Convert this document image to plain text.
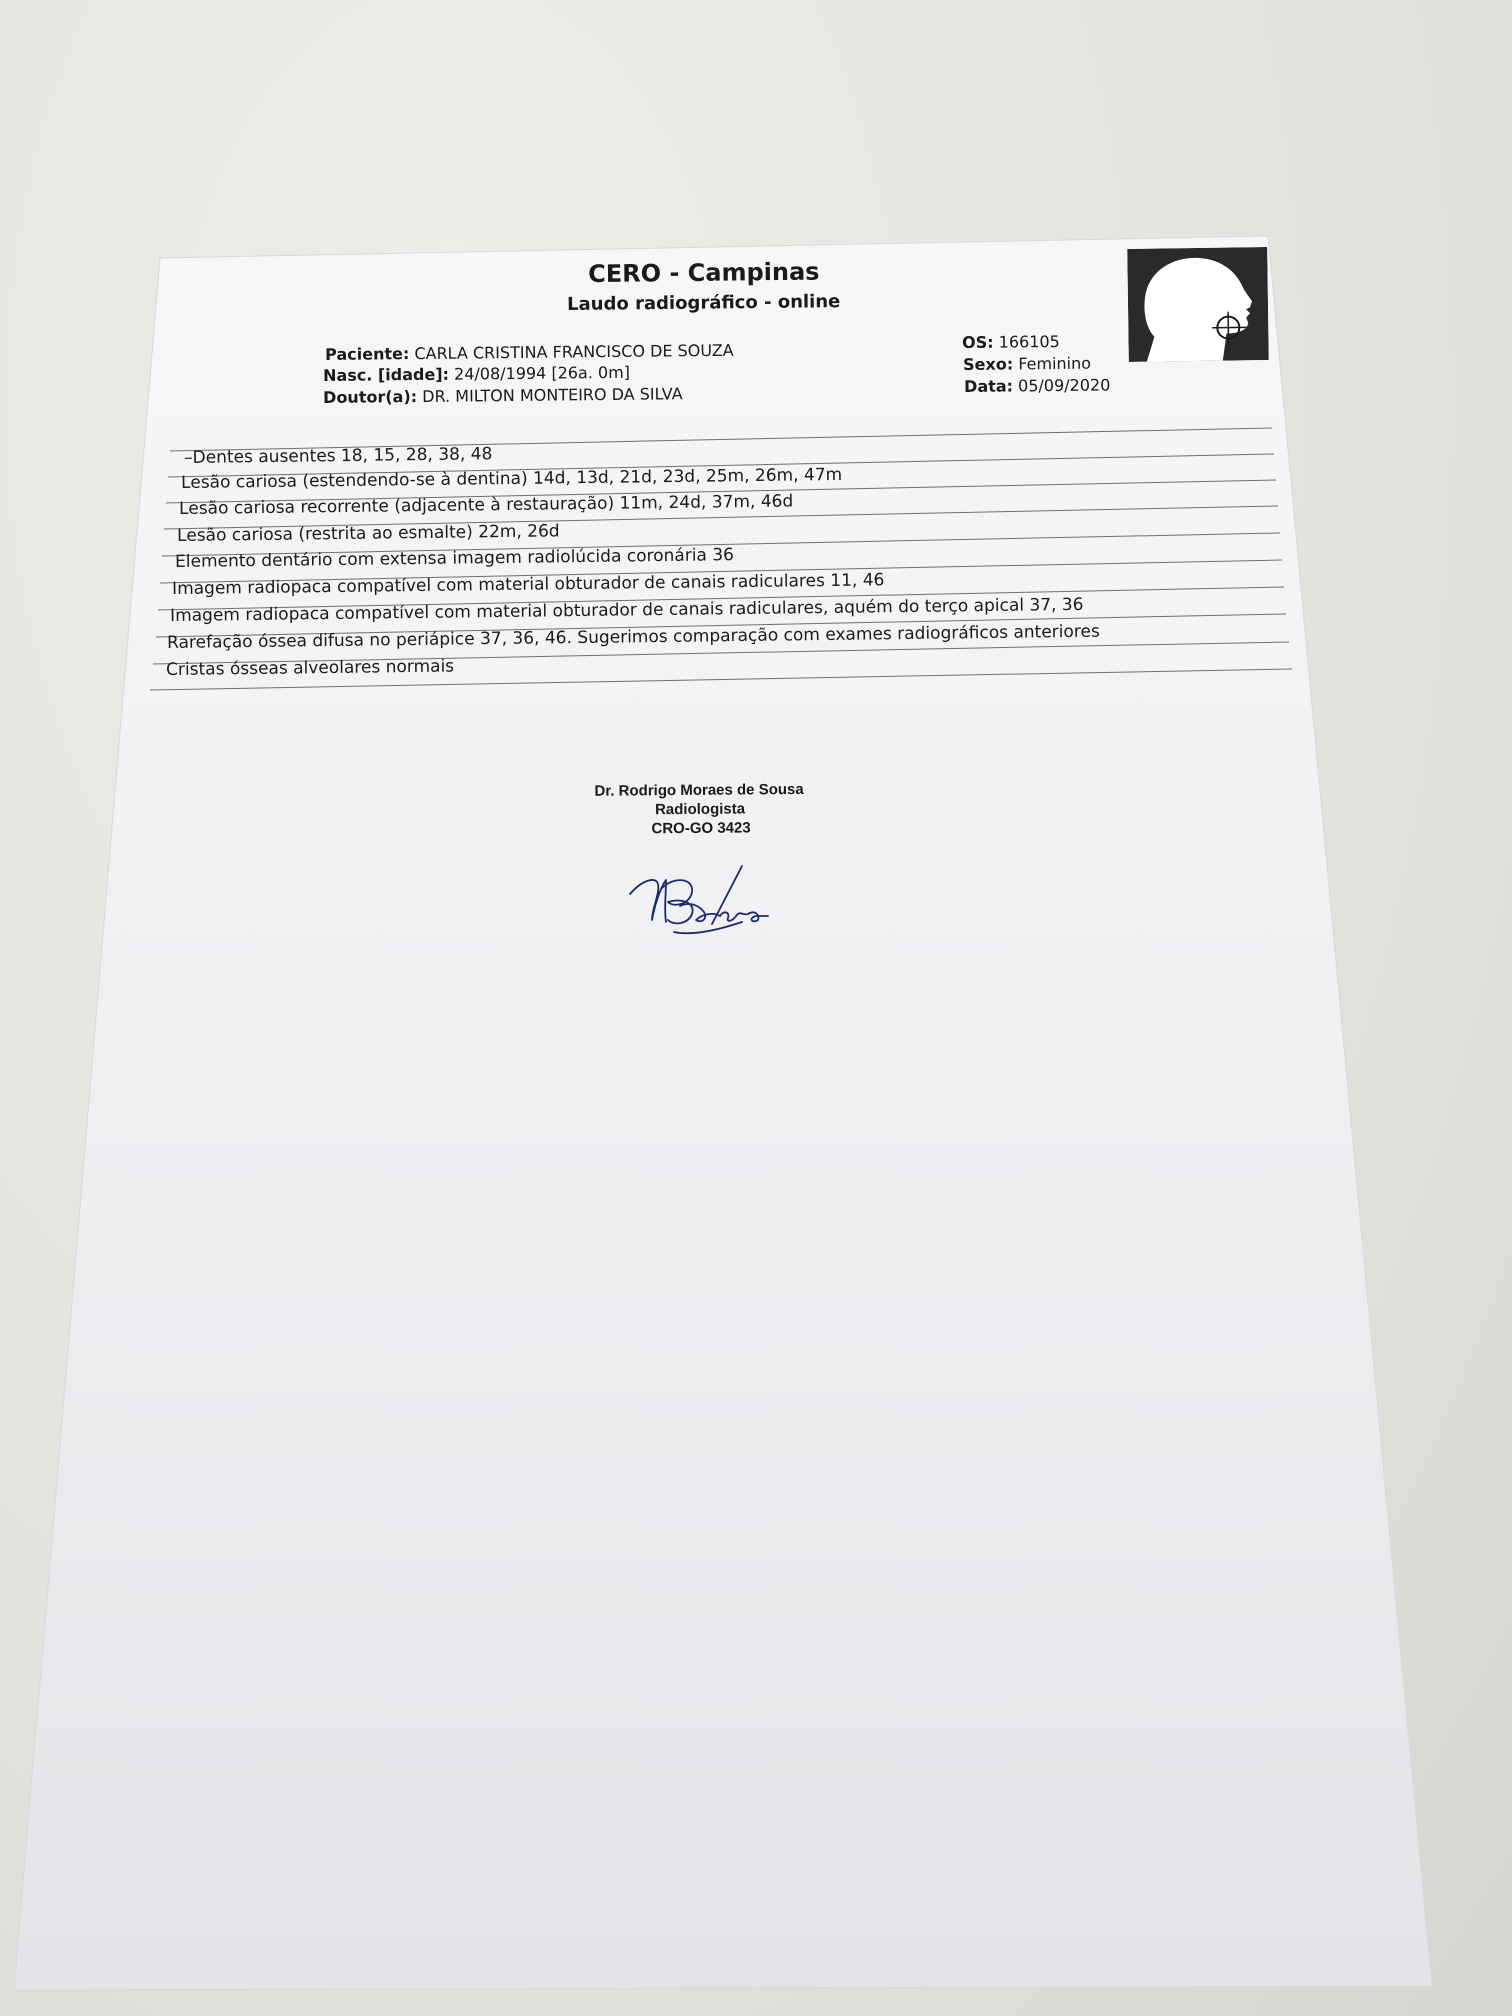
CERO - Campinas
Laudo radiográfico - online
Paciente: CARLA CRISTINA FRANCISCO DE SOUZA
Nasc. [idade]: 24/08/1994 [26a. 0m]
Doutor(a): DR. MILTON MONTEIRO DA SILVA
OS: 166105
Sexo: Feminino
Data: 05/09/2020
–Dentes ausentes 18, 15, 28, 38, 48
Lesão cariosa (estendendo-se à dentina) 14d, 13d, 21d, 23d, 25m, 26m, 47m
Lesão cariosa recorrente (adjacente à restauração) 11m, 24d, 37m, 46d
Lesão cariosa (restrita ao esmalte) 22m, 26d
Elemento dentário com extensa imagem radiolúcida coronária 36
Imagem radiopaca compatível com material obturador de canais radiculares 11, 46
Imagem radiopaca compatível com material obturador de canais radiculares, aquém do terço apical 37, 36
Rarefação óssea difusa no periápice 37, 36, 46. Sugerimos comparação com exames radiográficos anteriores
Cristas ósseas alveolares normais
Dr. Rodrigo Moraes de Sousa
Radiologista
CRO-GO 3423
